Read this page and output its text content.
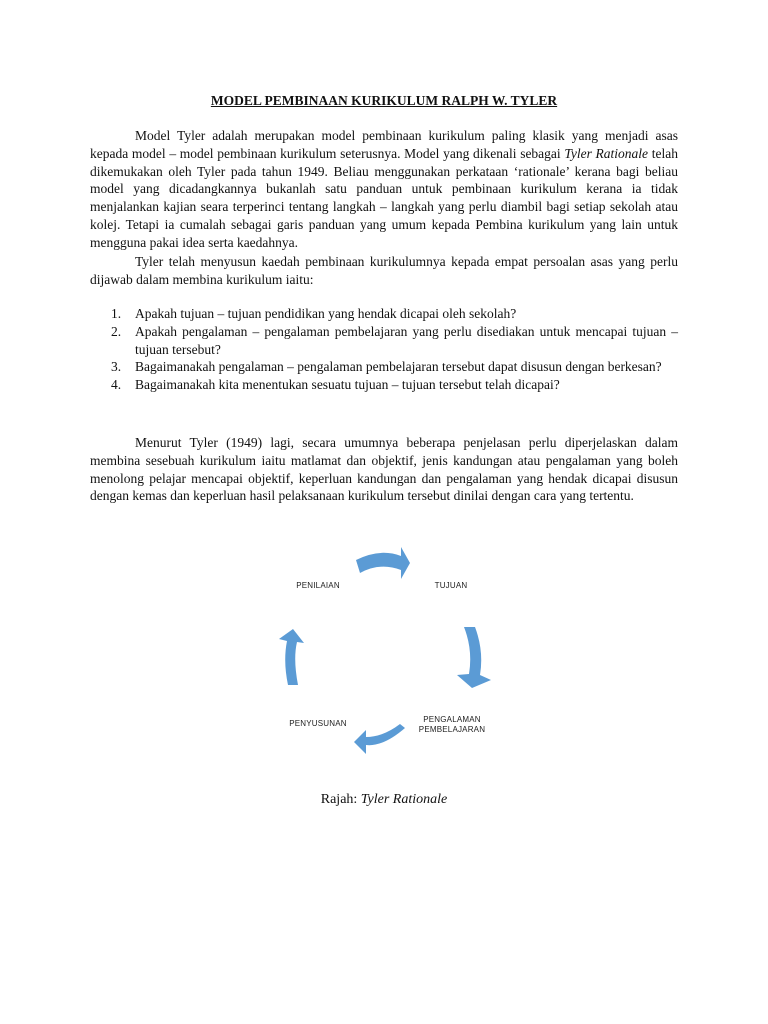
MODEL PEMBINAAN KURIKULUM RALPH W. TYLER

Model Tyler adalah merupakan model pembinaan kurikulum paling klasik yang menjadi asas kepada model – model pembinaan kurikulum seterusnya. Model yang dikenali sebagai Tyler Rationale telah dikemukakan oleh Tyler pada tahun 1949. Beliau menggunakan perkataan ‘rationale’ kerana bagi beliau model yang dicadangkannya bukanlah satu panduan untuk pembinaan kurikulum kerana ia tidak menjalankan kajian seara terperinci tentang langkah – langkah yang perlu diambil bagi setiap sekolah atau kolej. Tetapi ia cumalah sebagai garis panduan yang umum kepada Pembina kurikulum yang lain untuk mengguna pakai idea serta kaedahnya.

Tyler telah menyusun kaedah pembinaan kurikulumnya kepada empat persoalan asas yang perlu dijawab dalam membina kurikulum iaitu:

1. Apakah tujuan – tujuan pendidikan yang hendak dicapai oleh sekolah?
2. Apakah pengalaman – pengalaman pembelajaran yang perlu disediakan untuk mencapai tujuan – tujuan tersebut?
3. Bagaimanakah pengalaman – pengalaman pembelajaran tersebut dapat disusun dengan berkesan?
4. Bagaimanakah kita menentukan sesuatu tujuan – tujuan tersebut telah dicapai?

Menurut Tyler (1949) lagi, secara umumnya beberapa penjelasan perlu diperjelaskan dalam membina sesebuah kurikulum iaitu matlamat dan objektif, jenis kandungan atau pengalaman yang boleh menolong pelajar mencapai objektif, keperluan kandungan dan pengalaman yang hendak dicapai disusun dengan kemas dan keperluan hasil pelaksanaan kurikulum tersebut dinilai dengan cara yang tertentu.

PENILAIAN	TUJUAN
PENGALAMAN
PEMBELAJARAN
PENYUSUNAN
Rajah: Tyler Rationale
